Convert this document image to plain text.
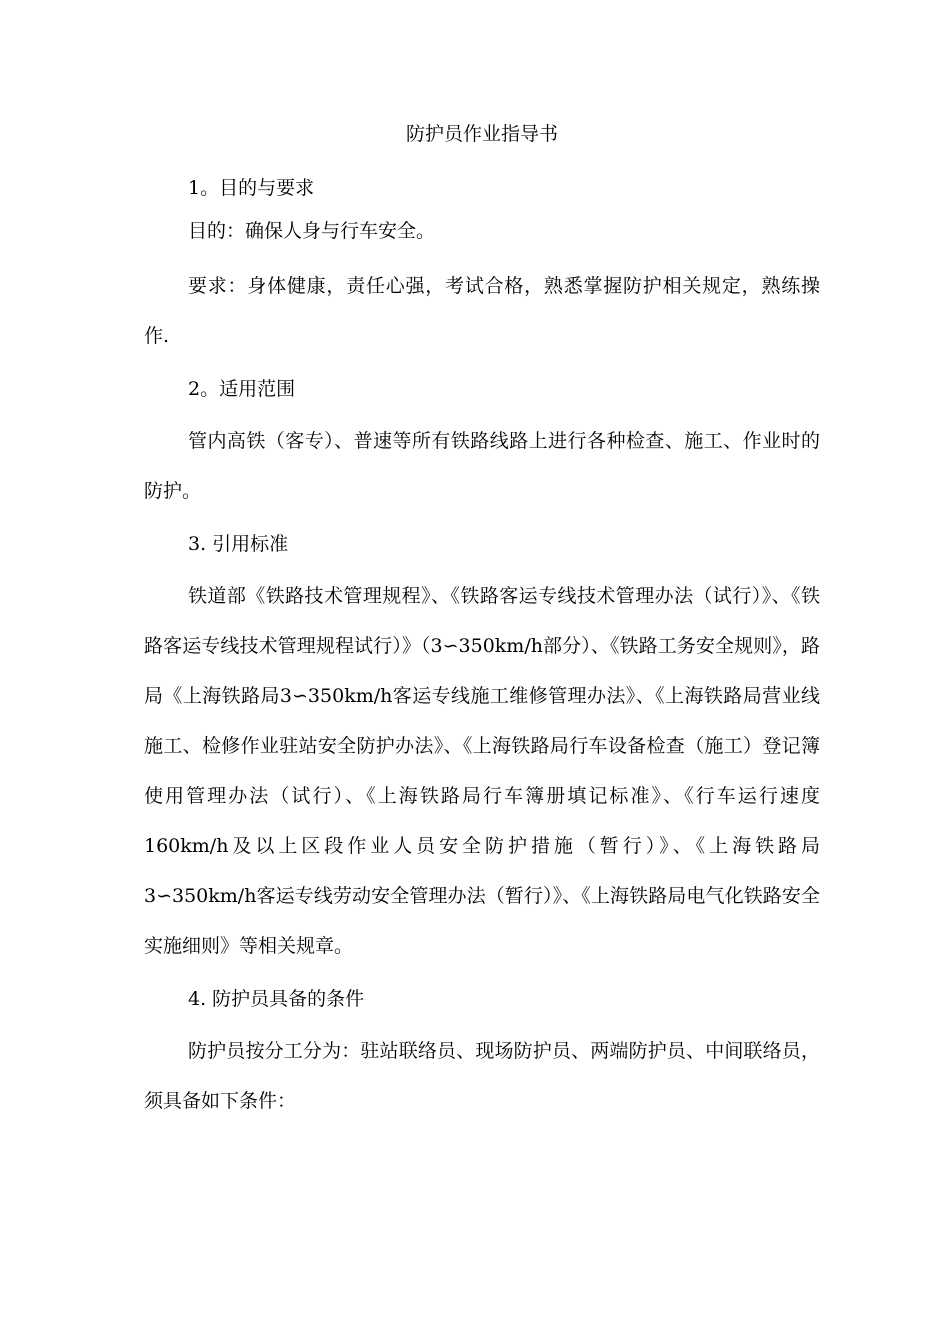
防护员作业指导书
1。目的与要求
目的：确保人身与行车安全。
要求：身体健康，责任心强，考试合格，熟悉掌握防护相关规定，熟练操作.
2。适用范围
管内高铁（客专）、普速等所有铁路线路上进行各种检查、施工、作业时的防护。
3. 引用标准
铁道部《铁路技术管理规程》、《铁路客运专线技术管理办法（试行）》、《铁路客运专线技术管理规程试行）》（3∽350km/h部分）、《铁路工务安全规则》，路局《上海铁路局3∽350km/h客运专线施工维修管理办法》、《上海铁路局营业线施工、检修作业驻站安全防护办法》、《上海铁路局行车设备检查（施工）登记簿使用管理办法（试行）、《上海铁路局行车簿册填记标准》、《行车运行速度160km/h及以上区段作业人员安全防护措施（暂行）》、《上海铁路局3∽350km/h客运专线劳动安全管理办法（暂行）》、《上海铁路局电气化铁路安全实施细则》等相关规章。
4. 防护员具备的条件
防护员按分工分为：驻站联络员、现场防护员、两端防护员、中间联络员，须具备如下条件：
